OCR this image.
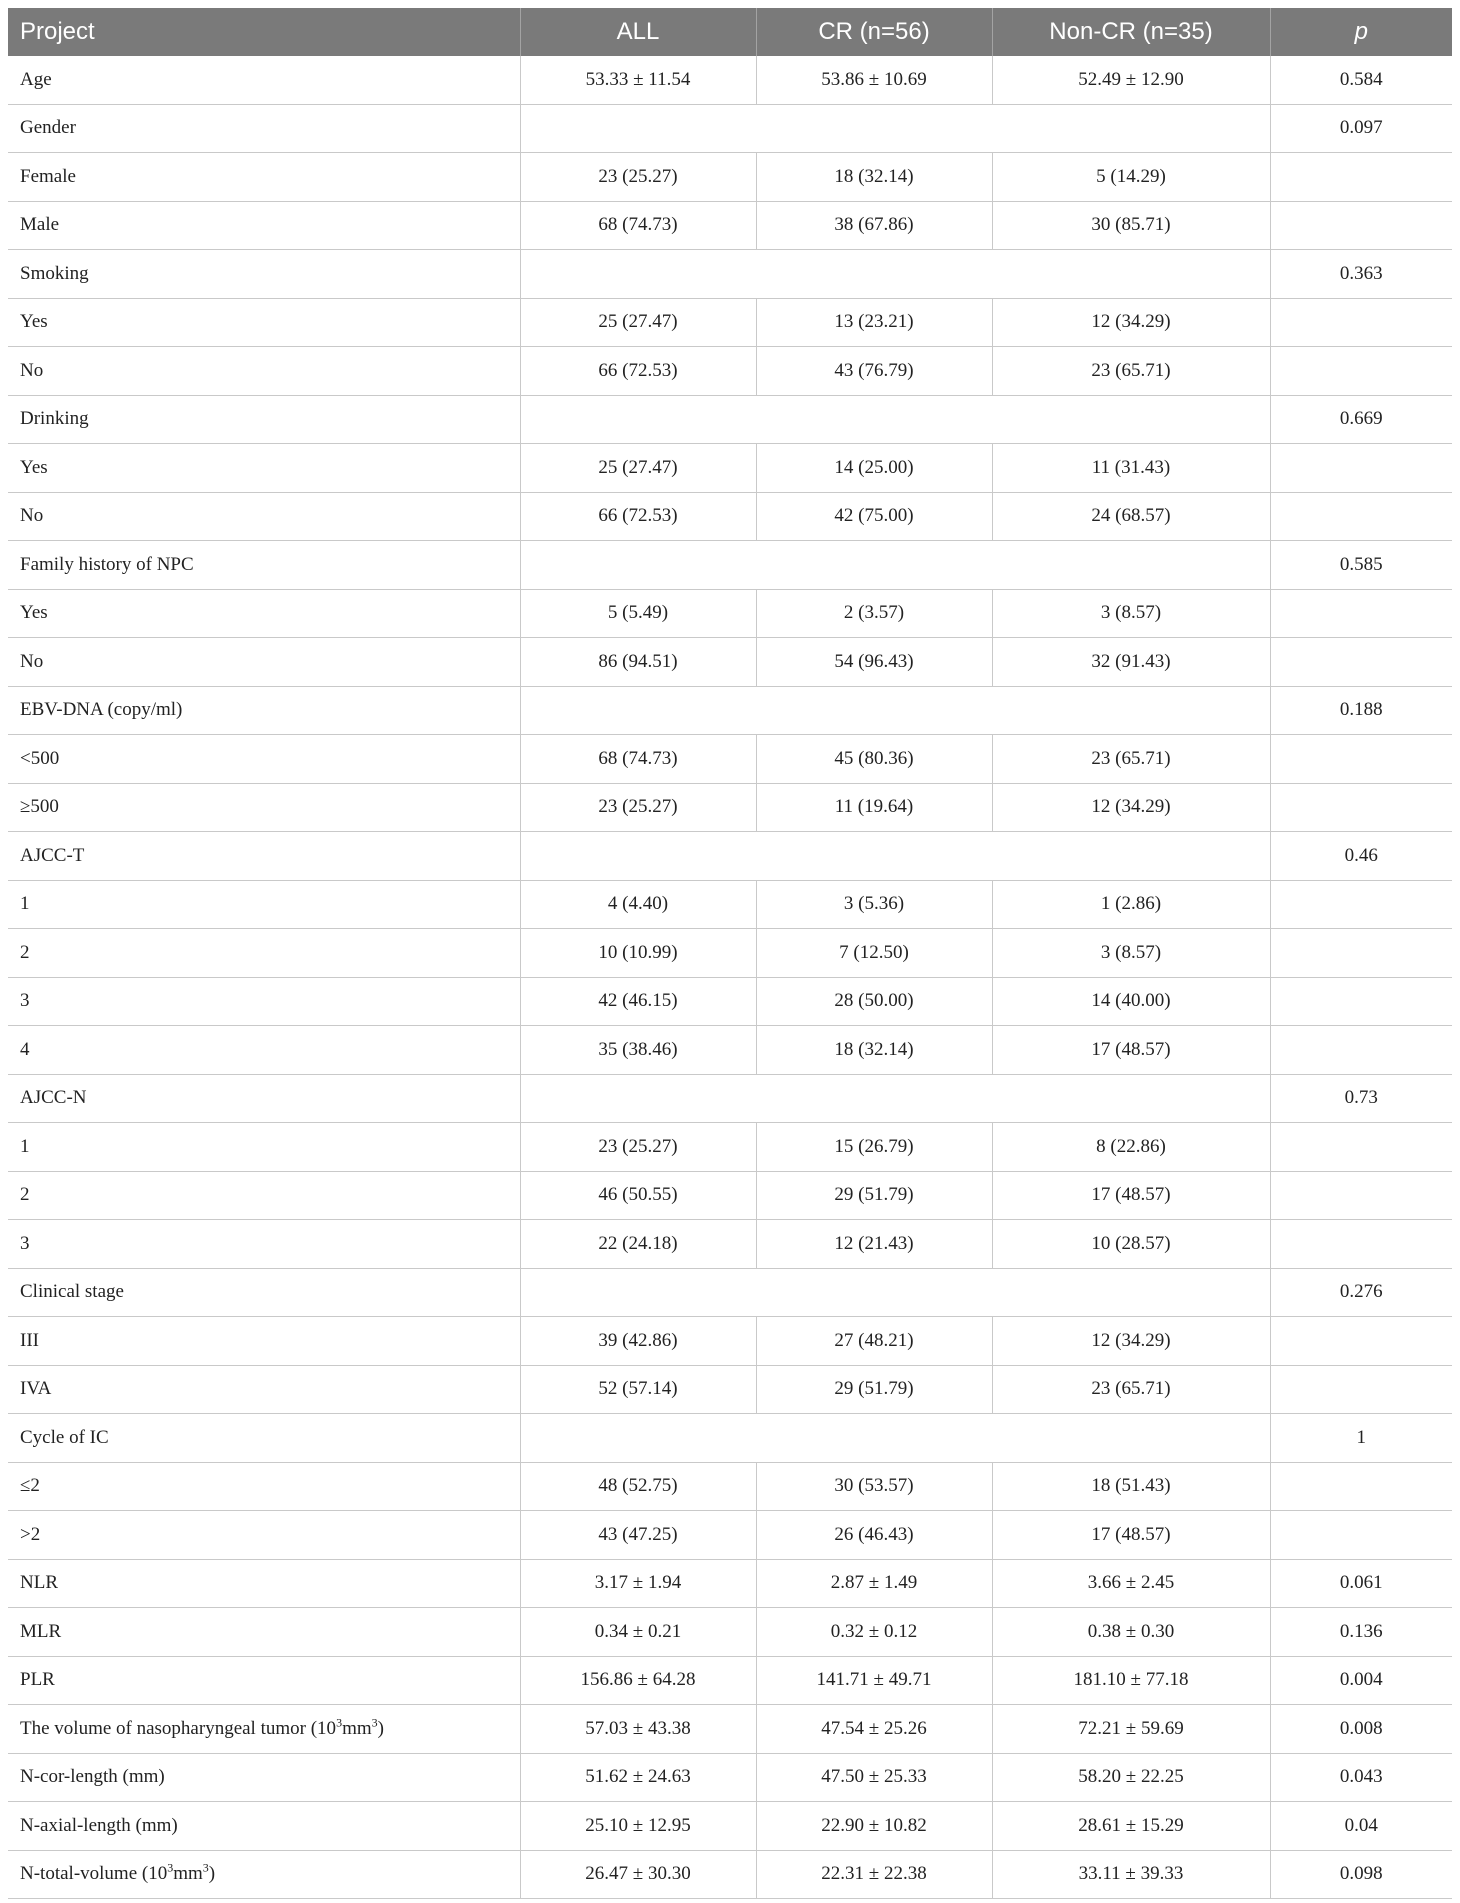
Project	ALL	CR (n=56)	Non-CR (n=35)	p
Age	53.33 ± 11.54	53.86 ± 10.69	52.49 ± 12.90	0.584
Gender				0.097
Female	23 (25.27)	18 (32.14)	5 (14.29)	
Male	68 (74.73)	38 (67.86)	30 (85.71)	
Smoking				0.363
Yes	25 (27.47)	13 (23.21)	12 (34.29)	
No	66 (72.53)	43 (76.79)	23 (65.71)	
Drinking				0.669
Yes	25 (27.47)	14 (25.00)	11 (31.43)	
No	66 (72.53)	42 (75.00)	24 (68.57)	
Family history of NPC				0.585
Yes	5 (5.49)	2 (3.57)	3 (8.57)	
No	86 (94.51)	54 (96.43)	32 (91.43)	
EBV-DNA (copy/ml)				0.188
<500	68 (74.73)	45 (80.36)	23 (65.71)	
≥500	23 (25.27)	11 (19.64)	12 (34.29)	
AJCC-T				0.46
1	4 (4.40)	3 (5.36)	1 (2.86)	
2	10 (10.99)	7 (12.50)	3 (8.57)	
3	42 (46.15)	28 (50.00)	14 (40.00)	
4	35 (38.46)	18 (32.14)	17 (48.57)	
AJCC-N				0.73
1	23 (25.27)	15 (26.79)	8 (22.86)	
2	46 (50.55)	29 (51.79)	17 (48.57)	
3	22 (24.18)	12 (21.43)	10 (28.57)	
Clinical stage				0.276
III	39 (42.86)	27 (48.21)	12 (34.29)	
IVA	52 (57.14)	29 (51.79)	23 (65.71)	
Cycle of IC				1
≤2	48 (52.75)	30 (53.57)	18 (51.43)	
>2	43 (47.25)	26 (46.43)	17 (48.57)	
NLR	3.17 ± 1.94	2.87 ± 1.49	3.66 ± 2.45	0.061
MLR	0.34 ± 0.21	0.32 ± 0.12	0.38 ± 0.30	0.136
PLR	156.86 ± 64.28	141.71 ± 49.71	181.10 ± 77.18	0.004
The volume of nasopharyngeal tumor $(10^3mm^3)$	57.03 ± 43.38	47.54 ± 25.26	72.21 ± 59.69	0.008
N-cor-length (mm)	51.62 ± 24.63	47.50 ± 25.33	58.20 ± 22.25	0.043
N-axial-length (mm)	25.10 ± 12.95	22.90 ± 10.82	28.61 ± 15.29	0.04
N-total-volume $(10^3mm^3)$	26.47 ± 30.30	22.31 ± 22.38	33.11 ± 39.33	0.098
